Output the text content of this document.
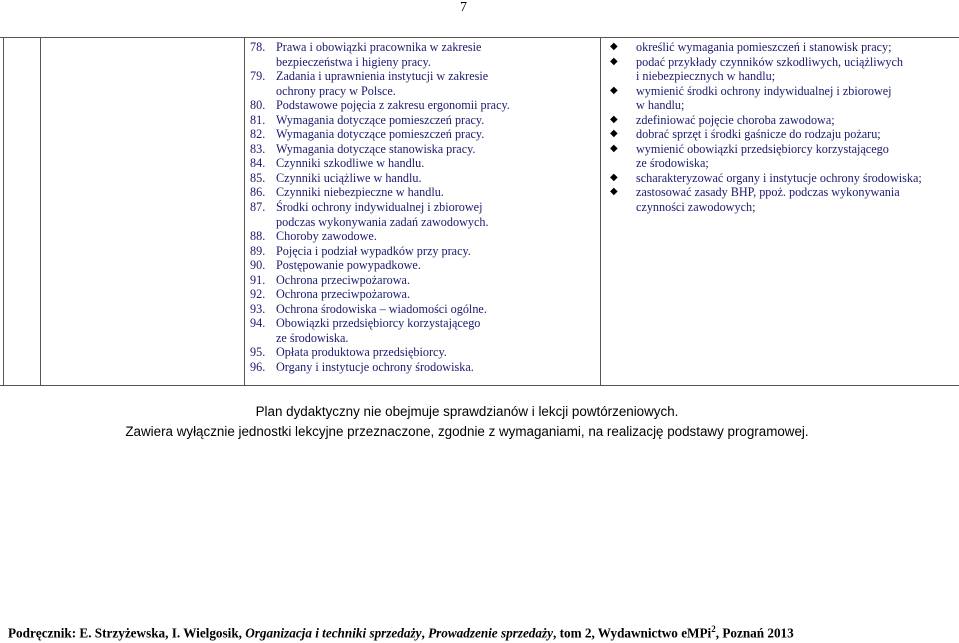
7
78. Prawa i obowiązki pracownika w zakresie
bezpieczeństwa i higieny pracy.
79. Zadania i uprawnienia instytucji w zakresie
ochrony pracy w Polsce.
80. Podstawowe pojęcia z zakresu ergonomii pracy.
81. Wymagania dotyczące pomieszczeń pracy.
82. Wymagania dotyczące pomieszczeń pracy.
83. Wymagania dotyczące stanowiska pracy.
84. Czynniki szkodliwe w handlu.
85. Czynniki uciążliwe w handlu.
86. Czynniki niebezpieczne w handlu.
87. Środki ochrony indywidualnej i zbiorowej
podczas wykonywania zadań zawodowych.
88. Choroby zawodowe.
89. Pojęcia i podział wypadków przy pracy.
90. Postępowanie powypadkowe.
91. Ochrona przeciwpożarowa.
92. Ochrona przeciwpożarowa.
93. Ochrona środowiska – wiadomości ogólne.
94. Obowiązki przedsiębiorcy korzystającego
ze środowiska.
95. Opłata produktowa przedsiębiorcy.
96. Organy i instytucje ochrony środowiska.
◆	określić wymagania pomieszczeń i stanowisk pracy;
◆	podać przykłady czynników szkodliwych, uciążliwych
i niebezpiecznych w handlu;
◆	wymienić środki ochrony indywidualnej i zbiorowej
w handlu;
◆	zdefiniować pojęcie choroba zawodowa;
◆	dobrać sprzęt i środki gaśnicze do rodzaju pożaru;
◆	wymienić obowiązki przedsiębiorcy korzystającego
ze środowiska;
◆	scharakteryzować organy i instytucje ochrony środowiska;
◆	zastosować zasady BHP, ppoż. podczas wykonywania
czynności zawodowych;
Plan dydaktyczny nie obejmuje sprawdzianów i lekcji powtórzeniowych.
Zawiera wyłącznie jednostki lekcyjne przeznaczone, zgodnie z wymaganiami, na realizację podstawy programowej.
Podręcznik: E. Strzyżewska, I. Wielgosik, Organizacja i techniki sprzedaży, Prowadzenie sprzedaży, tom 2, Wydawnictwo eMPi$^2$, Poznań 2013
